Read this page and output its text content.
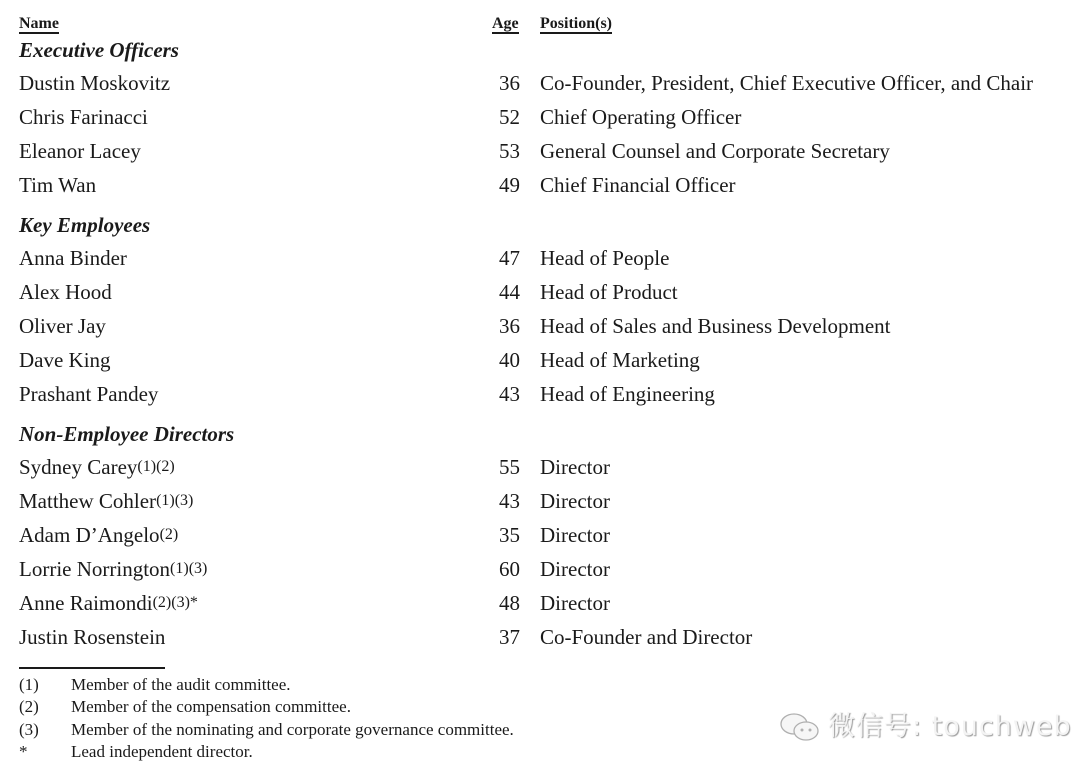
Name	Age Position(s)
Executive Officers
Dustin Moskovitz	36 Co-Founder, President, Chief Executive Officer, and Chair
Chris Farinacci	52 Chief Operating Officer
Eleanor Lacey	53 General Counsel and Corporate Secretary
Tim Wan	49 Chief Financial Officer
Key Employees
Anna Binder	47 Head of People
Alex Hood	44 Head of Product
Oliver Jay	36 Head of Sales and Business Development
Dave King	40 Head of Marketing
Prashant Pandey	43 Head of Engineering
Non-Employee Directors
Sydney Carey$^{(1)(2)}$	55 Director
Matthew Cohler$^{(1)(3)}$	43 Director
Adam D’Angelo$^{(2)}$	35 Director
Lorrie Norrington$^{(1)(3)}$	60 Director
Anne Raimondi$^{(2)(3)*}$	48 Director
Justin Rosenstein	37 Co-Founder and Director
(1) Member of the audit committee.
(2) Member of the compensation committee.
(3) Member of the nominating and corporate governance committee.
*	Lead independent director.
微信号: touchweb
